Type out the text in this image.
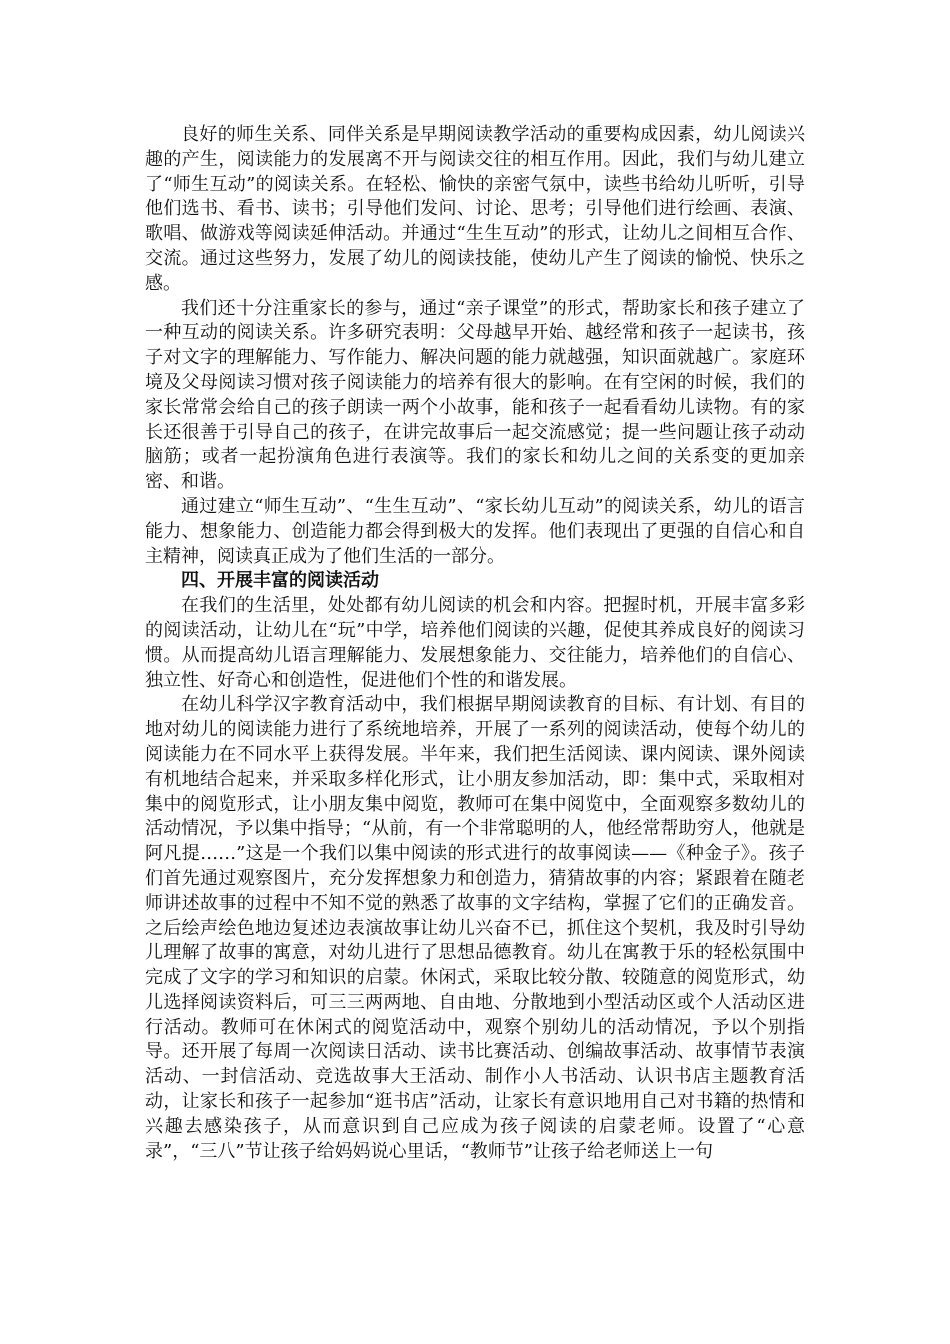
良好的师生关系、同伴关系是早期阅读教学活动的重要构成因素，幼儿阅读兴趣的产生，阅读能力的发展离不开与阅读交往的相互作用。因此，我们与幼儿建立了“师生互动”的阅读关系。在轻松、愉快的亲密气氛中，读些书给幼儿听听，引导他们选书、看书、读书；引导他们发问、讨论、思考；引导他们进行绘画、表演、歌唱、做游戏等阅读延伸活动。并通过“生生互动”的形式，让幼儿之间相互合作、交流。通过这些努力，发展了幼儿的阅读技能，使幼儿产生了阅读的愉悦、快乐之感。

我们还十分注重家长的参与，通过“亲子课堂”的形式，帮助家长和孩子建立了一种互动的阅读关系。许多研究表明：父母越早开始、越经常和孩子一起读书，孩子对文字的理解能力、写作能力、解决问题的能力就越强，知识面就越广。家庭环境及父母阅读习惯对孩子阅读能力的培养有很大的影响。在有空闲的时候，我们的家长常常会给自己的孩子朗读一两个小故事，能和孩子一起看看幼儿读物。有的家长还很善于引导自己的孩子，在讲完故事后一起交流感觉；提一些问题让孩子动动脑筋；或者一起扮演角色进行表演等。我们的家长和幼儿之间的关系变的更加亲密、和谐。

通过建立“师生互动”、“生生互动”、“家长幼儿互动”的阅读关系，幼儿的语言能力、想象能力、创造能力都会得到极大的发挥。他们表现出了更强的自信心和自主精神，阅读真正成为了他们生活的一部分。

四、开展丰富的阅读活动

在我们的生活里，处处都有幼儿阅读的机会和内容。把握时机，开展丰富多彩的阅读活动，让幼儿在“玩”中学，培养他们阅读的兴趣，促使其养成良好的阅读习惯。从而提高幼儿语言理解能力、发展想象能力、交往能力，培养他们的自信心、独立性、好奇心和创造性，促进他们个性的和谐发展。

在幼儿科学汉字教育活动中，我们根据早期阅读教育的目标、有计划、有目的地对幼儿的阅读能力进行了系统地培养，开展了一系列的阅读活动，使每个幼儿的阅读能力在不同水平上获得发展。半年来，我们把生活阅读、课内阅读、课外阅读有机地结合起来，并采取多样化形式，让小朋友参加活动，即：集中式，采取相对集中的阅览形式，让小朋友集中阅览，教师可在集中阅览中，全面观察多数幼儿的活动情况，予以集中指导；“从前，有一个非常聪明的人，他经常帮助穷人，他就是阿凡提……”这是一个我们以集中阅读的形式进行的故事阅读——《种金子》。孩子们首先通过观察图片，充分发挥想象力和创造力，猜猜故事的内容；紧跟着在随老师讲述故事的过程中不知不觉的熟悉了故事的文字结构，掌握了它们的正确发音。之后绘声绘色地边复述边表演故事让幼儿兴奋不已，抓住这个契机，我及时引导幼儿理解了故事的寓意，对幼儿进行了思想品德教育。幼儿在寓教于乐的轻松氛围中完成了文字的学习和知识的启蒙。休闲式，采取比较分散、较随意的阅览形式，幼儿选择阅读资料后，可三三两两地、自由地、分散地到小型活动区或个人活动区进行活动。教师可在休闲式的阅览活动中，观察个别幼儿的活动情况，予以个别指导。还开展了每周一次阅读日活动、读书比赛活动、创编故事活动、故事情节表演活动、一封信活动、竞选故事大王活动、制作小人书活动、认识书店主题教育活动，让家长和孩子一起参加“逛书店”活动，让家长有意识地用自己对书籍的热情和兴趣去感染孩子，从而意识到自己应成为孩子阅读的启蒙老师。设置了“心意录”，“三八”节让孩子给妈妈说心里话，“教师节”让孩子给老师送上一句
